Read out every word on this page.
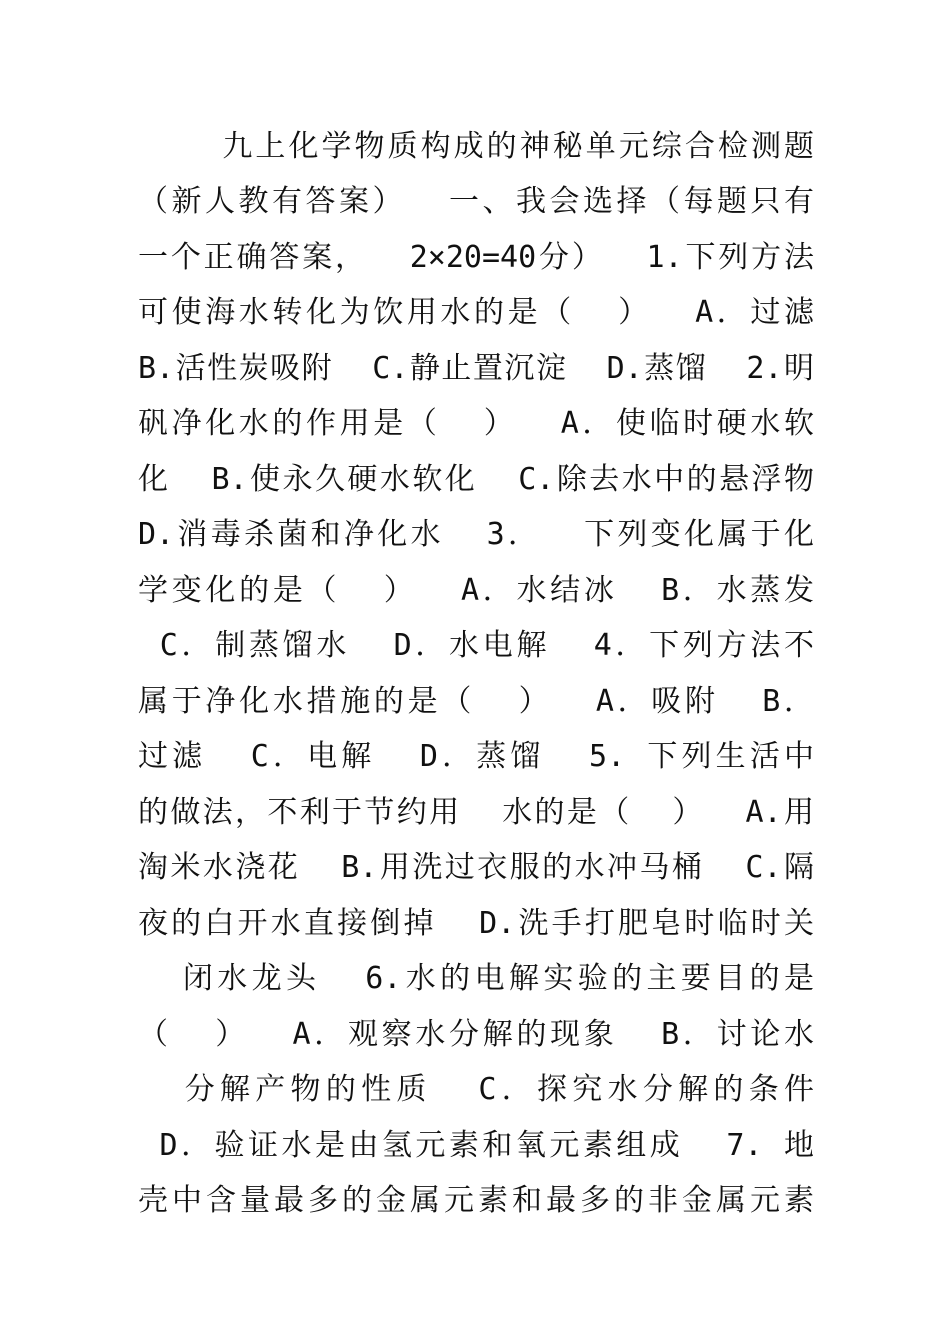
九上化学物质构成的神秘单元综合检测题
（新人教有答案）  一、我会选择（每题只有
一个正确答案，  2×20=40分）  1.下列方法
可使海水转化为饮用水的是（  ）  A．过滤
B.活性炭吸附  C.静止置沉淀  D.蒸馏  2.明
矾净化水的作用是（  ）  A．使临时硬水软
化  B.使永久硬水软化  C.除去水中的悬浮物
D.消毒杀菌和净化水  3．  下列变化属于化
学变化的是（  ）  A．水结冰  B．水蒸发
C．制蒸馏水  D．水电解  4．下列方法不
属于净化水措施的是（  ）  A．吸附  B．
过滤  C．电解  D．蒸馏  5. 下列生活中
的做法，不利于节约用  水的是（  ）  A.用
淘米水浇花  B.用洗过衣服的水冲马桶  C.隔
夜的白开水直接倒掉  D.洗手打肥皂时临时关
闭水龙头  6.水的电解实验的主要目的是
（  ）  A．观察水分解的现象  B．讨论水
分解产物的性质  C．探究水分解的条件
D．验证水是由氢元素和氧元素组成  7. 地
壳中含量最多的金属元素和最多的非金属元素
